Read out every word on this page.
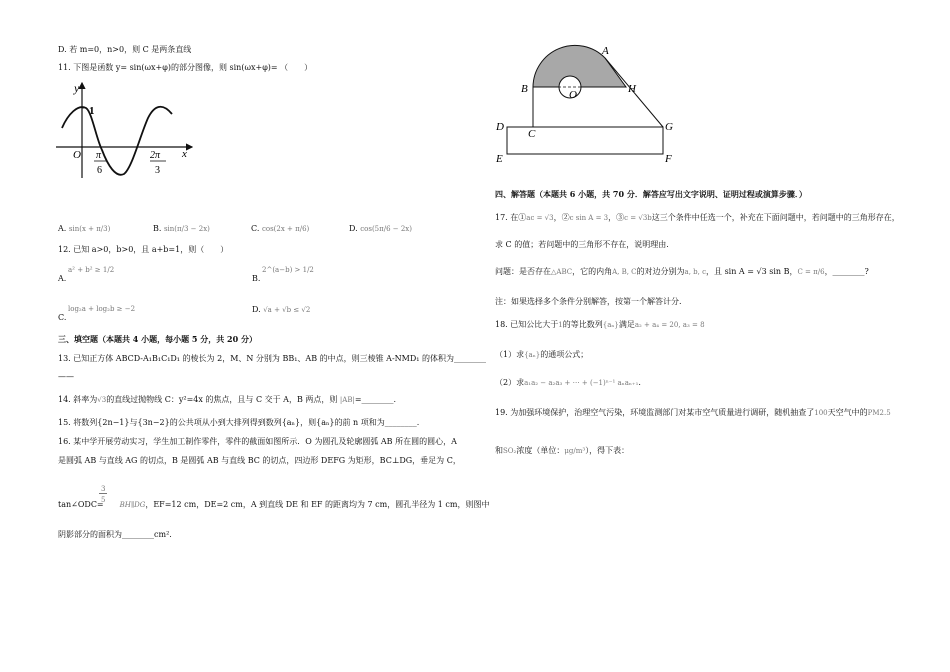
D. 若 m=0，n>0，则 C 是两条直线
11. 下图是函数 y= sin(ωx+φ)的部分图像，则 sin(ωx+φ)= （　　）
y
x
O
1
π
6
2π
3
A. sin(x + π/3)	B. sin(π/3 − 2x)	C. cos(2x + π/6)	D. cos(5π/6 − 2x)
12. 已知 a>0，b>0，且 a+b=1，则（　　）
a² + b² ≥ 1/2
A.
2^(a−b) > 1/2
B.
log₂a + log₂b ≥ −2
C.
D. √a + √b ≤ √2
三、填空题（本题共 4 小题，每小题 5 分，共 20 分）
13. 已知正方体 ABCD-A₁B₁C₁D₁ 的棱长为 2，M、N 分别为 BB₁、AB 的中点，则三棱锥 A-NMD₁ 的体积为________
——
14. 斜率为√3的直线过抛物线 C：y²=4x 的焦点，且与 C 交于 A，B 两点，则 |AB|=________.
15. 将数列{2n−1}与{3n−2}的公共项从小到大排列得到数列{aₙ}，则{aₙ}的前 n 项和为________.
16. 某中学开展劳动实习，学生加工制作零件，零件的截面如图所示．O 为圆孔及轮廓圆弧 AB 所在圆的圆心，A
是圆弧 AB 与直线 AG 的切点，B 是圆弧 AB 与直线 BC 的切点，四边形 DEFG 为矩形，BC⊥DG，垂足为 C，
3
5
tan∠ODC= BH∥DG，EF=12 cm，DE=2 cm，A 到直线 DE 和 EF 的距离均为 7 cm，圆孔半径为 1 cm，则图中
阴影部分的面积为________cm².
A
B	H
O
D
C
G
E	F
四、解答题（本题共 6 小题，共 70 分．解答应写出文字说明、证明过程或演算步骤．）
17. 在①ac = √3，②c sin A = 3，③c = √3b这三个条件中任选一个，补充在下面问题中，若问题中的三角形存在，
求 C 的值；若问题中的三角形不存在，说明理由.
问题：是否存在△ABC，它的内角A, B, C的对边分别为a, b, c，且 sin A = √3 sin B，C = π/6，________?
注：如果选择多个条件分别解答，按第一个解答计分.
18. 已知公比大于1的等比数列{aₙ}满足a₂ + a₄ = 20, a₃ = 8
（1）求{aₙ}的通项公式；
（2）求a₁a₂ − a₂a₃ + ⋯ + (−1)ⁿ⁻¹ aₙaₙ₊₁.
19. 为加强环境保护，治理空气污染，环境监测部门对某市空气质量进行调研，随机抽查了100天空气中的PM2.5
和SO₂浓度（单位：μg/m³），得下表：
